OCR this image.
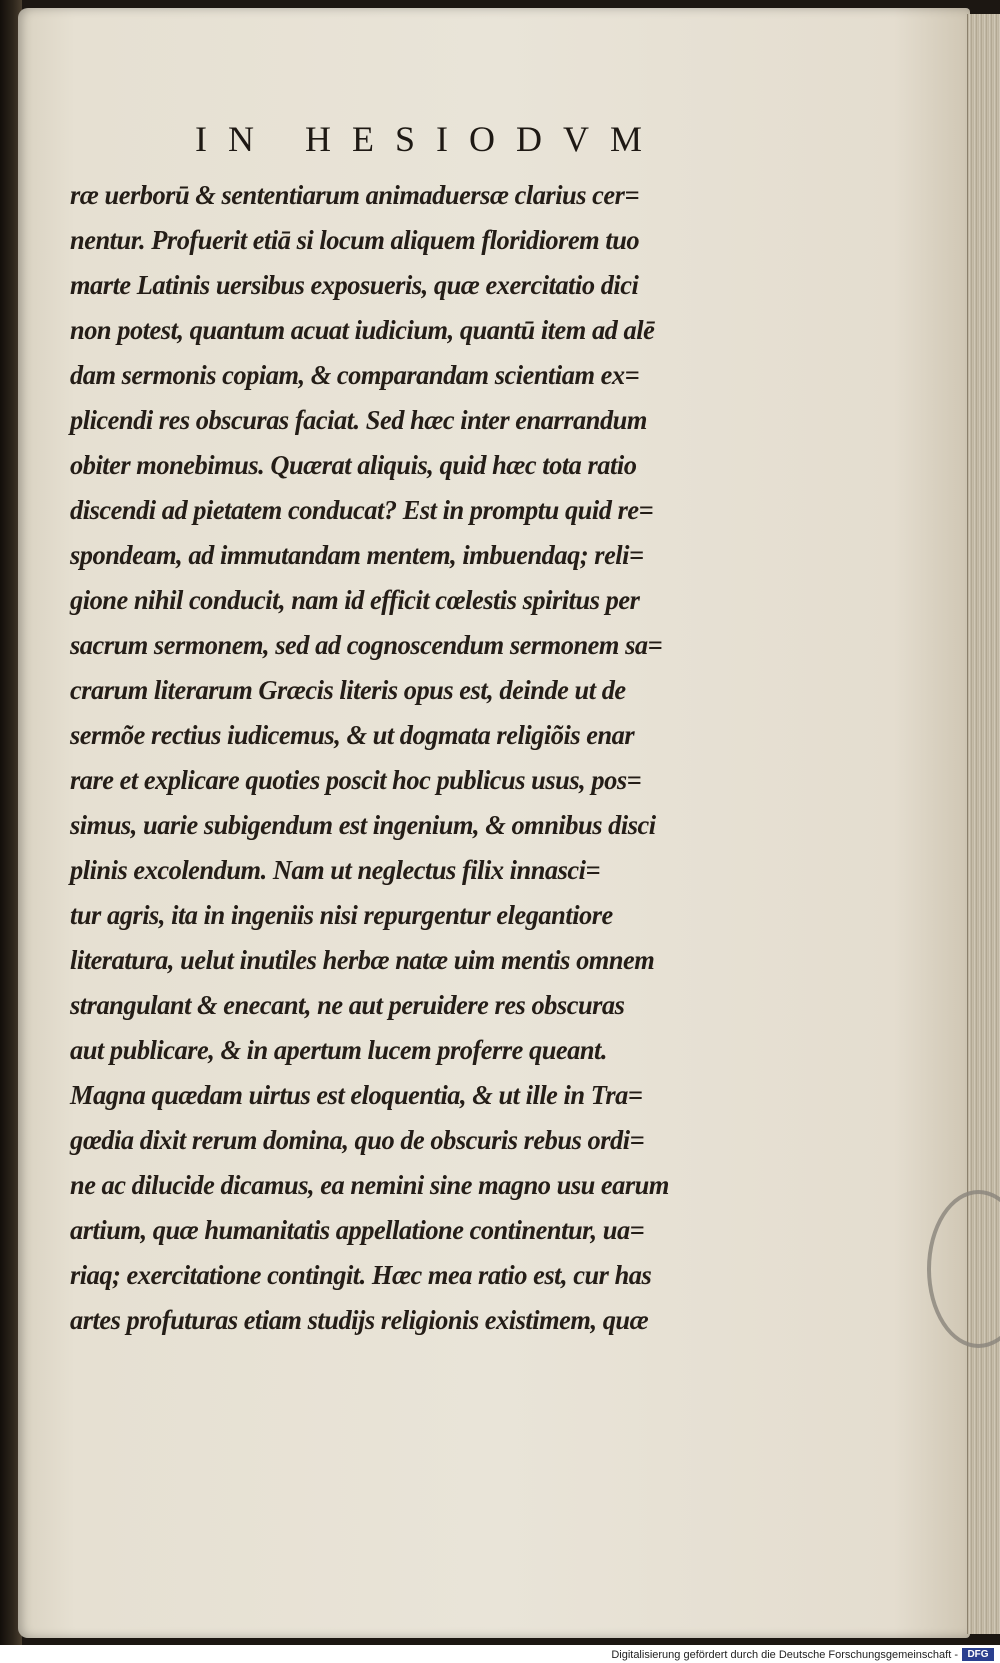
IN HESIODVM
ræ uerborū & sententiarum animaduersæ clarius cer=
nentur. Profuerit etiā si locum aliquem floridiorem tuo
marte Latinis uersibus exposueris, quæ exercitatio dici
non potest, quantum acuat iudicium, quantū item ad alē
dam sermonis copiam, & comparandam scientiam ex=
plicendi res obscuras faciat. Sed hæc inter enarrandum
obiter monebimus. Quærat aliquis, quid hæc tota ratio
discendi ad pietatem conducat? Est in promptu quid re=
spondeam, ad immutandam mentem, imbuendaq; reli=
gione nihil conducit, nam id efficit cœlestis spiritus per
sacrum sermonem, sed ad cognoscendum sermonem sa=
crarum literarum Græcis literis opus est, deinde ut de
sermõe rectius iudicemus, & ut dogmata religiõis enar
rare et explicare quoties poscit hoc publicus usus, pos=
simus, uarie subigendum est ingenium, & omnibus disci
plinis excolendum. Nam ut neglectus filix innasci=
tur agris, ita in ingeniis nisi repurgentur elegantiore
literatura, uelut inutiles herbæ natæ uim mentis omnem
strangulant & enecant, ne aut peruidere res obscuras
aut publicare, & in apertum lucem proferre queant.
Magna quædam uirtus est eloquentia, & ut ille in Tra=
gœdia dixit rerum domina, quo de obscuris rebus ordi=
ne ac dilucide dicamus, ea nemini sine magno usu earum
artium, quæ humanitatis appellatione continentur, ua=
riaq; exercitatione contingit. Hæc mea ratio est, cur has
artes profuturas etiam studijs religionis existimem, quæ
Digitalisierung gefördert durch die Deutsche Forschungsgemeinschaft - DFG
